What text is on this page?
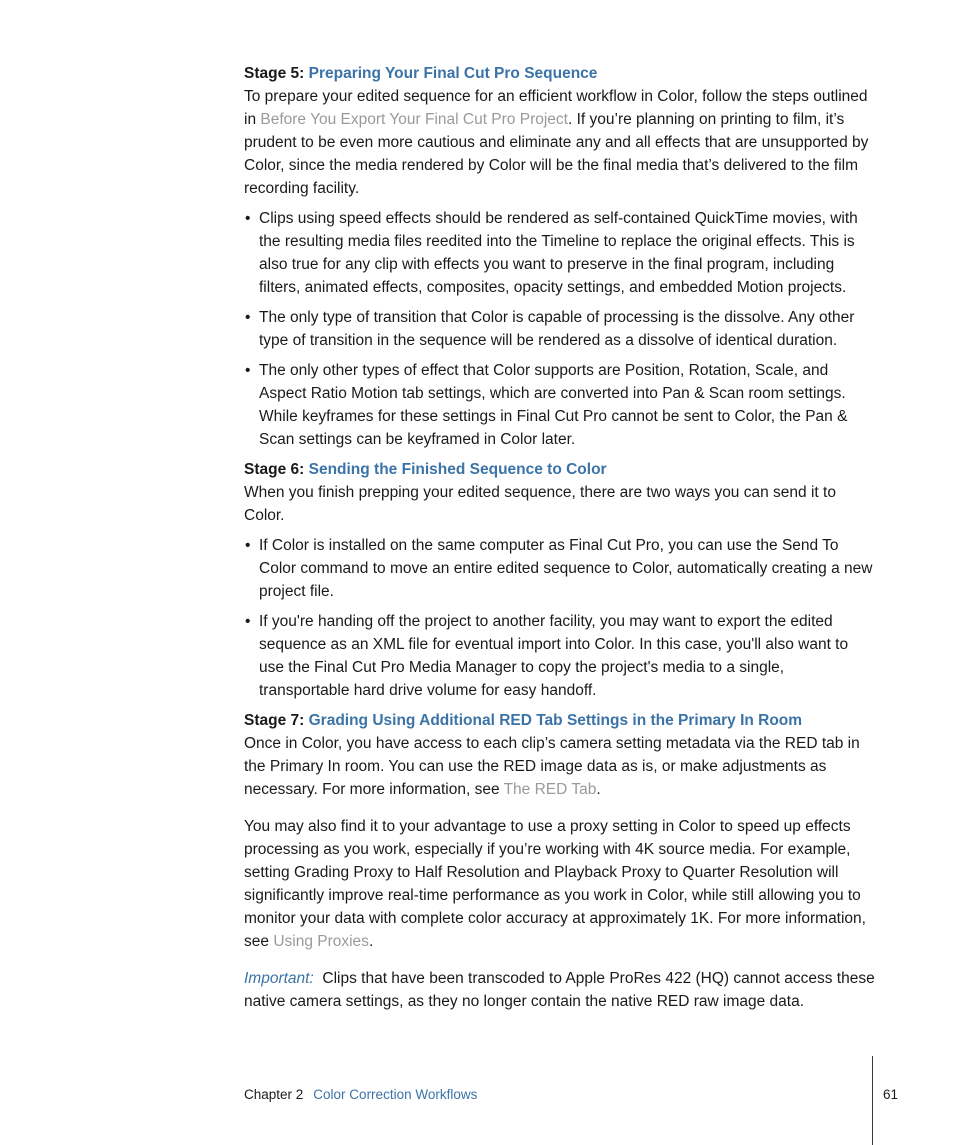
Stage 5: Preparing Your Final Cut Pro Sequence

To prepare your edited sequence for an efficient workflow in Color, follow the steps outlined in Before You Export Your Final Cut Pro Project. If you’re planning on printing to film, it’s prudent to be even more cautious and eliminate any and all effects that are unsupported by Color, since the media rendered by Color will be the final media that’s delivered to the film recording facility.

• Clips using speed effects should be rendered as self-contained QuickTime movies, with the resulting media files reedited into the Timeline to replace the original effects. This is also true for any clip with effects you want to preserve in the final program, including filters, animated effects, composites, opacity settings, and embedded Motion projects.
• The only type of transition that Color is capable of processing is the dissolve. Any other type of transition in the sequence will be rendered as a dissolve of identical duration.
• The only other types of effect that Color supports are Position, Rotation, Scale, and Aspect Ratio Motion tab settings, which are converted into Pan & Scan room settings. While keyframes for these settings in Final Cut Pro cannot be sent to Color, the Pan & Scan settings can be keyframed in Color later.
Stage 6: Sending the Finished Sequence to Color

When you finish prepping your edited sequence, there are two ways you can send it to Color.

• If Color is installed on the same computer as Final Cut Pro, you can use the Send To Color command to move an entire edited sequence to Color, automatically creating a new project file.
• If you're handing off the project to another facility, you may want to export the edited sequence as an XML file for eventual import into Color. In this case, you'll also want to use the Final Cut Pro Media Manager to copy the project's media to a single, transportable hard drive volume for easy handoff.
Stage 7: Grading Using Additional RED Tab Settings in the Primary In Room

Once in Color, you have access to each clip’s camera setting metadata via the RED tab in the Primary In room. You can use the RED image data as is, or make adjustments as necessary. For more information, see The RED Tab.

You may also find it to your advantage to use a proxy setting in Color to speed up effects processing as you work, especially if you’re working with 4K source media. For example, setting Grading Proxy to Half Resolution and Playback Proxy to Quarter Resolution will significantly improve real-time performance as you work in Color, while still allowing you to monitor your data with complete color accuracy at approximately 1K. For more information, see Using Proxies.

Important:  Clips that have been transcoded to Apple ProRes 422 (HQ) cannot access these native camera settings, as they no longer contain the native RED raw image data.

Chapter 2 Color Correction Workflows	61
